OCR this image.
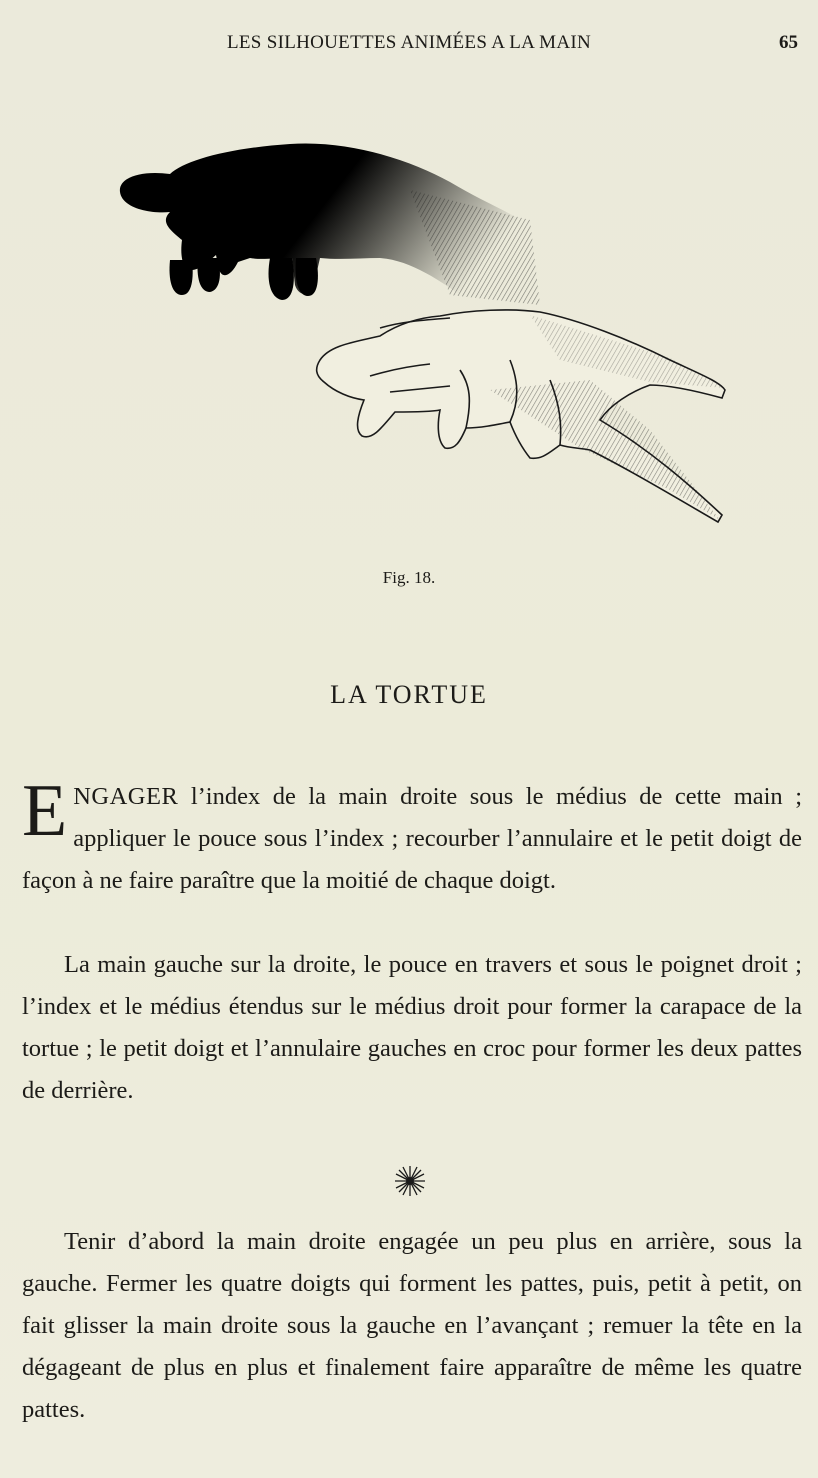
LES SILHOUETTES ANIMÉES A LA MAIN	65
Fig. 18.
LA TORTUE
ENGAGER l’index de la main droite sous le médius de cette main ; appliquer le pouce sous l’index ; recourber l’annulaire et le petit doigt de façon à ne faire paraître que la moitié de chaque doigt.
La main gauche sur la droite, le pouce en travers et sous le poignet droit ; l’index et le médius étendus sur le médius droit pour former la carapace de la tortue ; le petit doigt et l’annulaire gauches en croc pour former les deux pattes de derrière.
Tenir d’abord la main droite engagée un peu plus en arrière, sous la gauche. Fermer les quatre doigts qui forment les pattes, puis, petit à petit, on fait glisser la main droite sous la gauche en l’avançant ; remuer la tête en la dégageant de plus en plus et finalement faire apparaître de même les quatre pattes.
